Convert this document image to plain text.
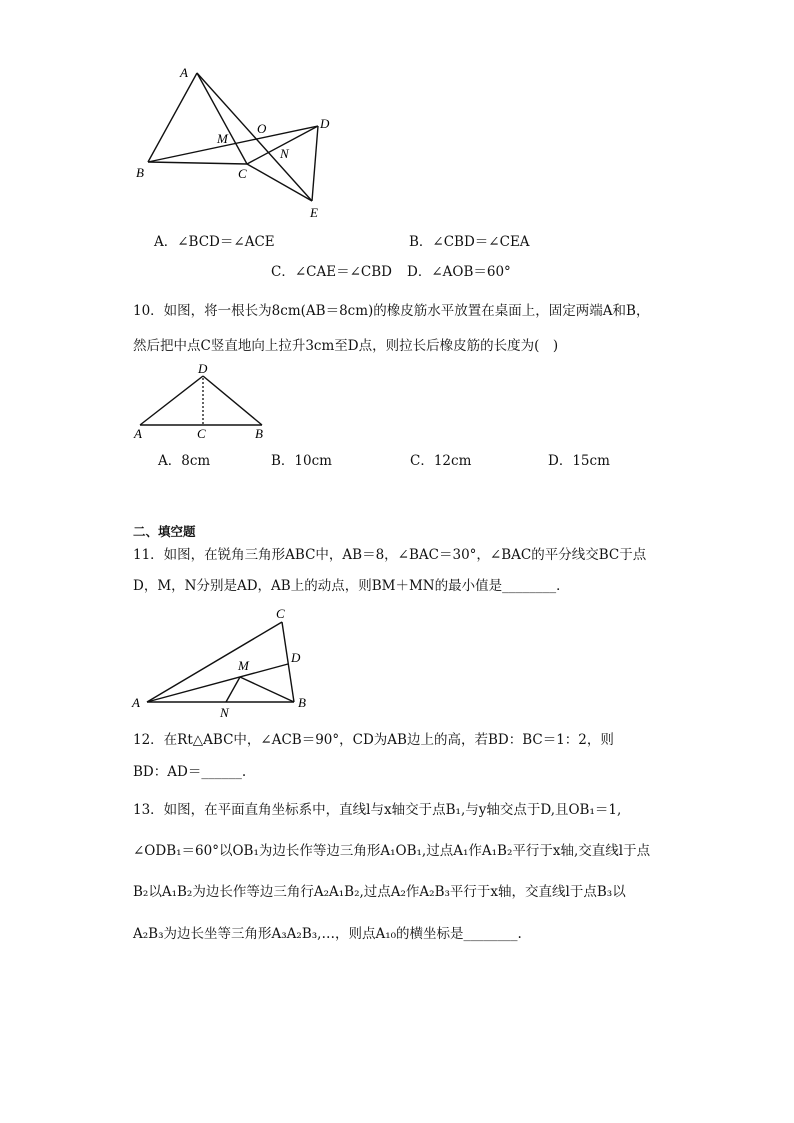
A
B	C
D
E
M
O
N
A．∠BCD＝∠ACE	B．∠CBD＝∠CEA
C．∠CAE＝∠CBD D．∠AOB＝60°
10．如图，将一根长为8cm(AB＝8cm)的橡皮筋水平放置在桌面上，固定两端A和B，
然后把中点C竖直地向上拉升3cm至D点，则拉长后橡皮筋的长度为(　)
D
A	C	B
A．8cm	B．10cm	C．12cm	D．15cm
二、填空题
11．如图，在锐角三角形ABC中，AB＝8，∠BAC＝30°，∠BAC的平分线交BC于点
D，M，N分别是AD，AB上的动点，则BM＋MN的最小值是________．
C
D
M
A	B
N
12．在Rt△ABC中，∠ACB＝90°，CD为AB边上的高，若BD：BC＝1：2，则
BD：AD＝______.
13．如图，在平面直角坐标系中，直线l与x轴交于点B₁,与y轴交点于D,且OB₁＝1,
∠ODB₁＝60°以OB₁为边长作等边三角形A₁OB₁,过点A₁作A₁B₂平行于x轴,交直线l于点
B₂以A₁B₂为边长作等边三角行A₂A₁B₂,过点A₂作A₂B₃平行于x轴，交直线l于点B₃以
A₂B₃为边长坐等三角形A₃A₂B₃,…，则点A₁₀的横坐标是________.
